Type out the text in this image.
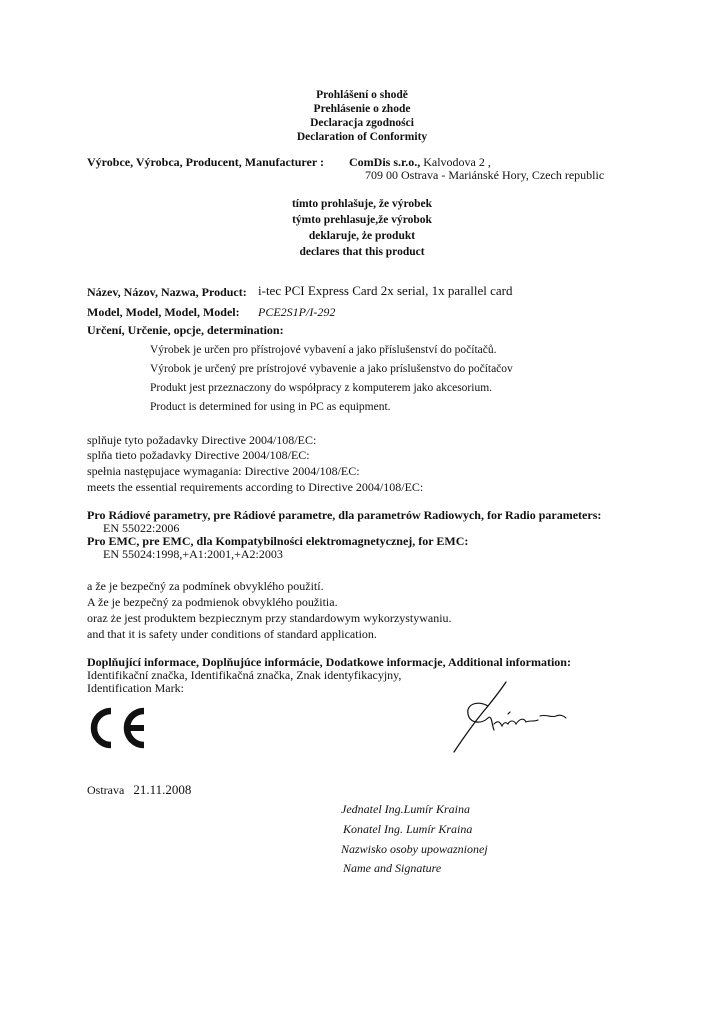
Prohlášení o shodě
Prehlásenie o zhode
Declaracja zgodności
Declaration of Conformity
Výrobce, Výrobca, Producent, Manufacturer : ComDis s.r.o., Kalvodova 2 ,
709 00 Ostrava - Mariánské Hory, Czech republic
tímto prohlašuje, že výrobek
týmto prehlasuje,že výrobok
deklaruje, że produkt
declares that this product
Název, Názov, Nazwa, Product: i-tec PCI Express Card 2x serial, 1x parallel card
Model, Model, Model, Model: PCE2S1P/I-292
Určení, Určenie, opcje, determination:
Výrobek je určen pro přístrojové vybavení a jako příslušenství do počítačů.
Výrobok je určený pre prístrojové vybavenie a jako príslušenstvo do počítačov
Produkt jest przeznaczony do współpracy z komputerem jako akcesorium.
Product is determined for using in PC as equipment.
splňuje tyto požadavky Directive 2004/108/EC:
splňa tieto požadavky Directive 2004/108/EC:
spełnia następujace wymagania: Directive 2004/108/EC:
meets the essential requirements according to Directive 2004/108/EC:
Pro Rádiové parametry, pre Rádiové parametre, dla parametrów Radiowych, for Radio parameters:
EN 55022:2006
Pro EMC, pre EMC, dla Kompatybilności elektromagnetycznej, for EMC:
EN 55024:1998,+A1:2001,+A2:2003
a že je bezpečný za podmínek obvyklého použití.
A že je bezpečný za podmienok obvyklého použitia.
oraz że jest produktem bezpiecznym przy standardowym wykorzystywaniu.
and that it is safety under conditions of standard application.
Doplňující informace, Doplňujúce informácie, Dodatkowe informacje, Additional information:
Identifikační značka, Identifikačná značka, Znak identyfikacyjny,
Identification Mark:
Ostrava 21.11.2008
Jednatel Ing.Lumír Kraina
Konatel Ing. Lumír Kraina
Nazwisko osoby upowaznionej
Name and Signature
